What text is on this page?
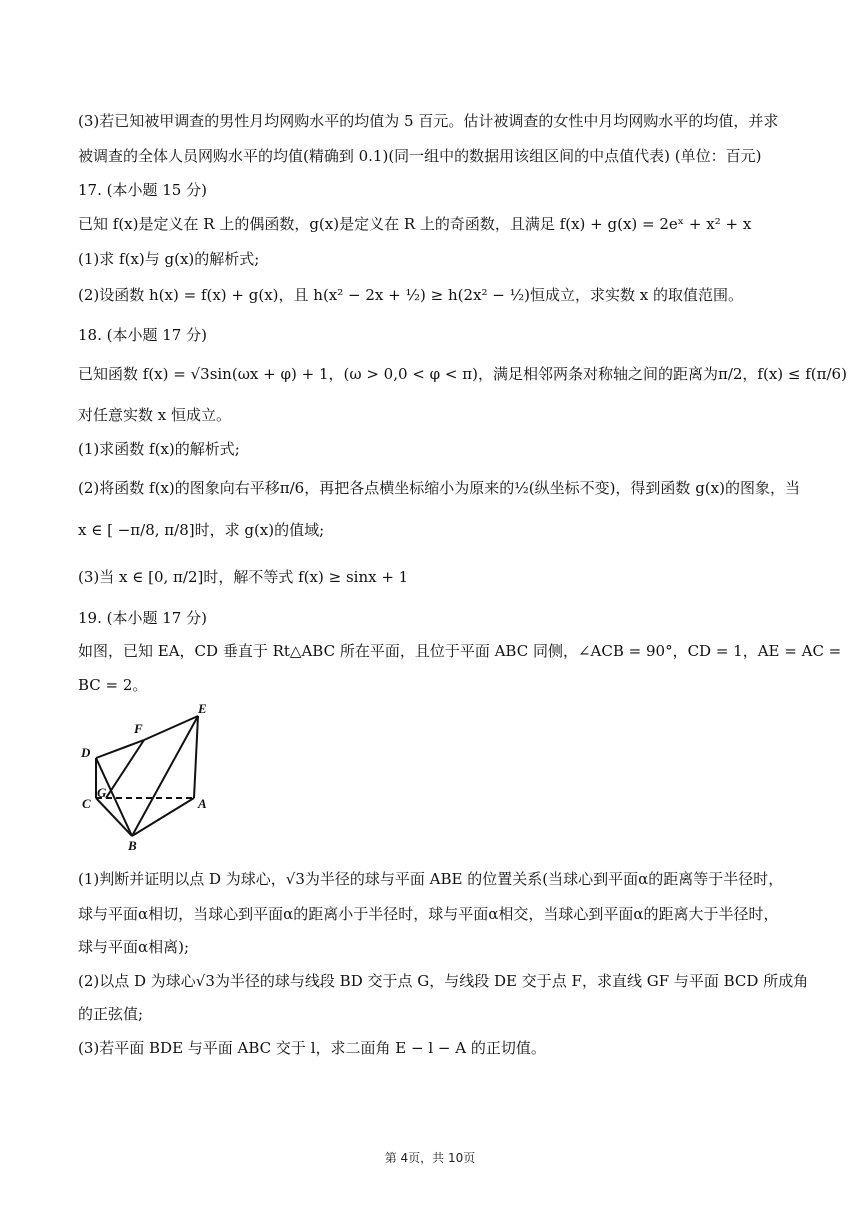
(3)若已知被甲调查的男性月均网购水平的均值为 5 百元。估计被调查的女性中月均网购水平的均值，并求
被调查的全体人员网购水平的均值(精确到 0.1)(同一组中的数据用该组区间的中点值代表) (单位：百元)
17. (本小题 15 分)
已知 f(x)是定义在 R 上的偶函数，g(x)是定义在 R 上的奇函数，且满足 f(x) + g(x) = 2eˣ + x² + x
(1)求 f(x)与 g(x)的解析式;
(2)设函数 h(x) = f(x) + g(x)，且 h(x² − 2x + ½) ≥ h(2x² − ½)恒成立，求实数 x 的取值范围。
18. (本小题 17 分)
已知函数 f(x) = √3sin(ωx + φ) + 1，(ω > 0,0 < φ < π)，满足相邻两条对称轴之间的距离为π/2，f(x) ≤ f(π/6)
对任意实数 x 恒成立。
(1)求函数 f(x)的解析式;
(2)将函数 f(x)的图象向右平移π/6，再把各点横坐标缩小为原来的½(纵坐标不变)，得到函数 g(x)的图象，当
x ∈ [ −π/8, π/8]时，求 g(x)的值域;
(3)当 x ∈ [0, π/2]时，解不等式 f(x) ≥ sinx + 1
19. (本小题 17 分)
如图，已知 EA，CD 垂直于 Rt△ABC 所在平面，且位于平面 ABC 同侧，∠ACB = 90°，CD = 1，AE = AC =
BC = 2。
D
F
E
C
G
A
B
(1)判断并证明以点 D 为球心，√3为半径的球与平面 ABE 的位置关系(当球心到平面α的距离等于半径时，
球与平面α相切，当球心到平面α的距离小于半径时，球与平面α相交，当球心到平面α的距离大于半径时，
球与平面α相离);
(2)以点 D 为球心√3为半径的球与线段 BD 交于点 G，与线段 DE 交于点 F，求直线 GF 与平面 BCD 所成角
的正弦值;
(3)若平面 BDE 与平面 ABC 交于 l，求二面角 E − l − A 的正切值。
第 4页，共 10页
